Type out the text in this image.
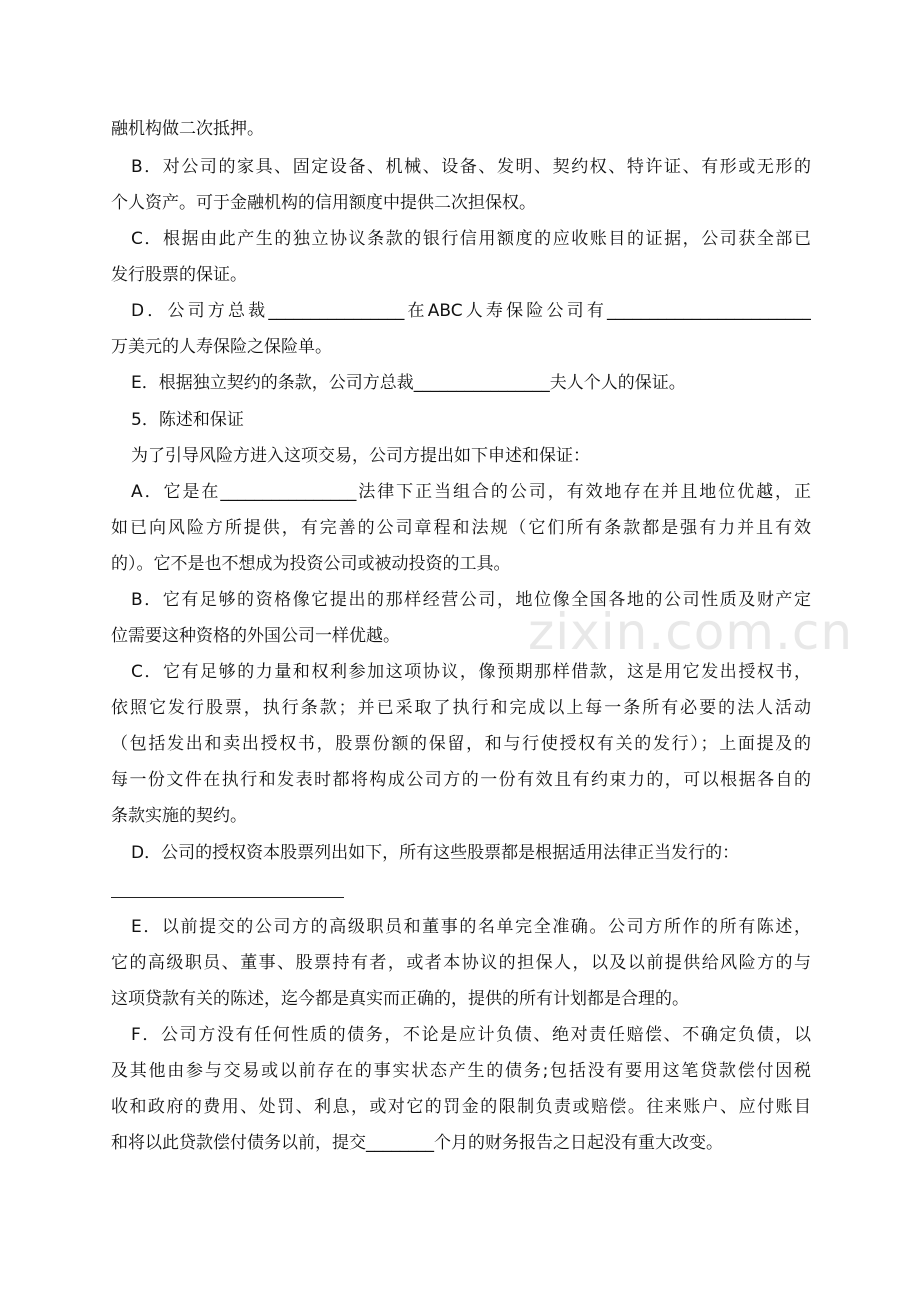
融机构做二次抵押。
B．对公司的家具、固定设备、机械、设备、发明、契约权、特许证、有形或无形的
个人资产。可于金融机构的信用额度中提供二次担保权。
C．根据由此产生的独立协议条款的银行信用额度的应收账目的证据，公司获全部已
发行股票的保证。
D．公司方总裁________________在ABC人寿保险公司有________________________
万美元的人寿保险之保险单。
E．根据独立契约的条款，公司方总裁________________夫人个人的保证。
5．陈述和保证
为了引导风险方进入这项交易，公司方提出如下申述和保证：
A．它是在________________法律下正当组合的公司，有效地存在并且地位优越，正
如已向风险方所提供，有完善的公司章程和法规（它们所有条款都是强有力并且有效
的）。它不是也不想成为投资公司或被动投资的工具。
B．它有足够的资格像它提出的那样经营公司，地位像全国各地的公司性质及财产定
位需要这种资格的外国公司一样优越。
C．它有足够的力量和权利参加这项协议，像预期那样借款，这是用它发出授权书，
依照它发行股票，执行条款；并已采取了执行和完成以上每一条所有必要的法人活动
（包括发出和卖出授权书，股票份额的保留，和与行使授权有关的发行）；上面提及的
每一份文件在执行和发表时都将构成公司方的一份有效且有约束力的，可以根据各自的
条款实施的契约。
D．公司的授权资本股票列出如下，所有这些股票都是根据适用法律正当发行的：
E．以前提交的公司方的高级职员和董事的名单完全准确。公司方所作的所有陈述，
它的高级职员、董事、股票持有者，或者本协议的担保人，以及以前提供给风险方的与
这项贷款有关的陈述，迄今都是真实而正确的，提供的所有计划都是合理的。
F．公司方没有任何性质的债务，不论是应计负债、绝对责任赔偿、不确定负债，以
及其他由参与交易或以前存在的事实状态产生的债务;包括没有要用这笔贷款偿付因税
收和政府的费用、处罚、利息，或对它的罚金的限制负责或赔偿。往来账户、应付账目
和将以此贷款偿付债务以前，提交________个月的财务报告之日起没有重大改变。
zixin.com.cn
